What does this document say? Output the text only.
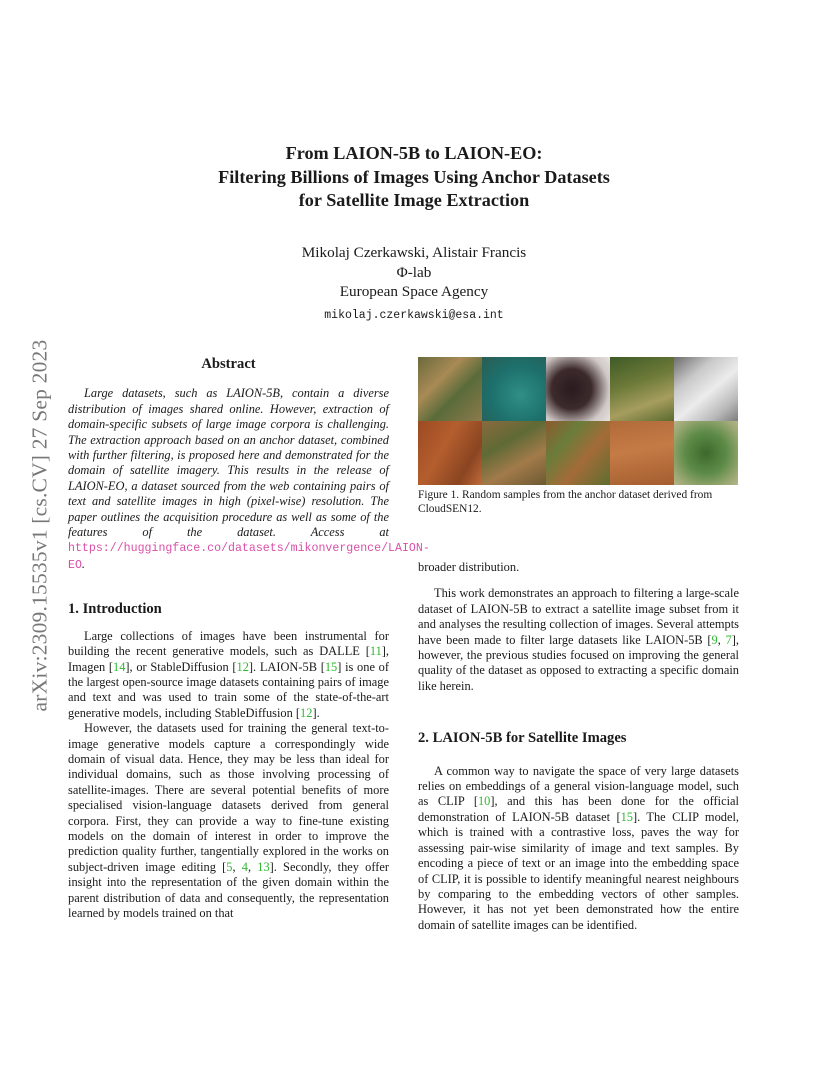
arXiv:2309.15535v1 [cs.CV] 27 Sep 2023
From LAION-5B to LAION-EO:
Filtering Billions of Images Using Anchor Datasets
for Satellite Image Extraction
Mikolaj Czerkawski, Alistair Francis
Φ-lab
European Space Agency
mikolaj.czerkawski@esa.int
Abstract

Large datasets, such as LAION-5B, contain a diverse distribution of images shared online. However, extraction of domain-specific subsets of large image corpora is challenging. The extraction approach based on an anchor dataset, combined with further filtering, is proposed here and demonstrated for the domain of satellite imagery. This results in the release of LAION-EO, a dataset sourced from the web containing pairs of text and satellite images in high (pixel-wise) resolution. The paper outlines the acquisition procedure as well as some of the features of the dataset. Access at https://huggingface.co/datasets/mikonvergence/LAION-EO.

1. Introduction

Large collections of images have been instrumental for building the recent generative models, such as DALLE [11], Imagen [14], or StableDiffusion [12]. LAION-5B [15] is one of the largest open-source image datasets containing pairs of image and text and was used to train some of the state-of-the-art generative models, including StableDiffusion [12].

However, the datasets used for training the general text-to-image generative models capture a correspondingly wide domain of visual data. Hence, they may be less than ideal for individual domains, such as those involving processing of satellite-images. There are several potential benefits of more specialised vision-language datasets derived from general corpora. First, they can provide a way to fine-tune existing models on the domain of interest in order to improve the prediction quality further, tangentially explored in the works on subject-driven image editing [5, 4, 13]. Secondly, they offer insight into the representation of the given domain within the parent distribution of data and consequently, the representation learned by models trained on that

Figure 1. Random samples from the anchor dataset derived from CloudSEN12.

broader distribution.

This work demonstrates an approach to filtering a large-scale dataset of LAION-5B to extract a satellite image subset from it and analyses the resulting collection of images. Several attempts have been made to filter large datasets like LAION-5B [9, 7], however, the previous studies focused on improving the general quality of the dataset as opposed to extracting a specific domain like herein.

2. LAION-5B for Satellite Images

A common way to navigate the space of very large datasets relies on embeddings of a general vision-language model, such as CLIP [10], and this has been done for the official demonstration of LAION-5B dataset [15]. The CLIP model, which is trained with a contrastive loss, paves the way for assessing pair-wise similarity of image and text samples. By encoding a piece of text or an image into the embedding space of CLIP, it is possible to identify meaningful nearest neighbours by comparing to the embedding vectors of other samples. However, it has not yet been demonstrated how the entire domain of satellite images can be identified.
